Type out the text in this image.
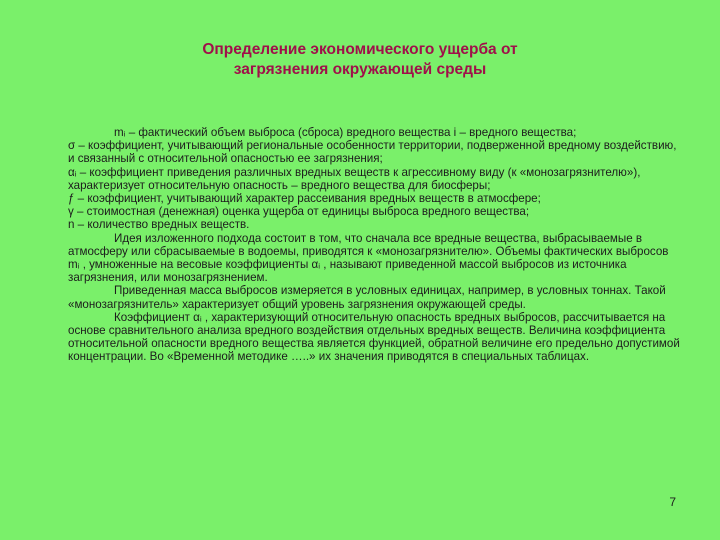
Определение экономического ущерба от
загрязнения окружающей среды

mᵢ – фактический объем выброса (сброса) вредного вещества i – вредного вещества;

σ – коэффициент, учитывающий региональные особенности территории, подверженной вредному воздействию, и связанный с относительной опасностью ее загрязнения;

αᵢ – коэффициент приведения различных вредных веществ к агрессивному виду (к «монозагрязнителю»), характеризует относительную опасность – вредного вещества для биосферы;

ƒ – коэффициент, учитывающий характер рассеивания вредных веществ в атмосфере;

γ – стоимостная (денежная) оценка ущерба от единицы выброса вредного вещества;

n – количество вредных веществ.

Идея изложенного подхода состоит в том, что сначала все вредные вещества, выбрасываемые в атмосферу или сбрасываемые в водоемы, приводятся к «монозагрязнителю». Объемы фактических выбросов mᵢ , умноженные на весовые коэффициенты αᵢ , называют приведенной массой выбросов из источника загрязнения, или монозагрязнением.

Приведенная масса выбросов измеряется в условных единицах, например, в условных тоннах. Такой «монозагрязнитель» характеризует общий уровень загрязнения окружающей среды.

Коэффициент αᵢ , характеризующий относительную опасность вредных выбросов, рассчитывается на основе сравнительного анализа вредного воздействия отдельных вредных веществ. Величина коэффициента относительной опасности вредного вещества является функцией, обратной величине его предельно допустимой концентрации. Во «Временной методике …..» их значения приводятся в специальных таблицах.

7
